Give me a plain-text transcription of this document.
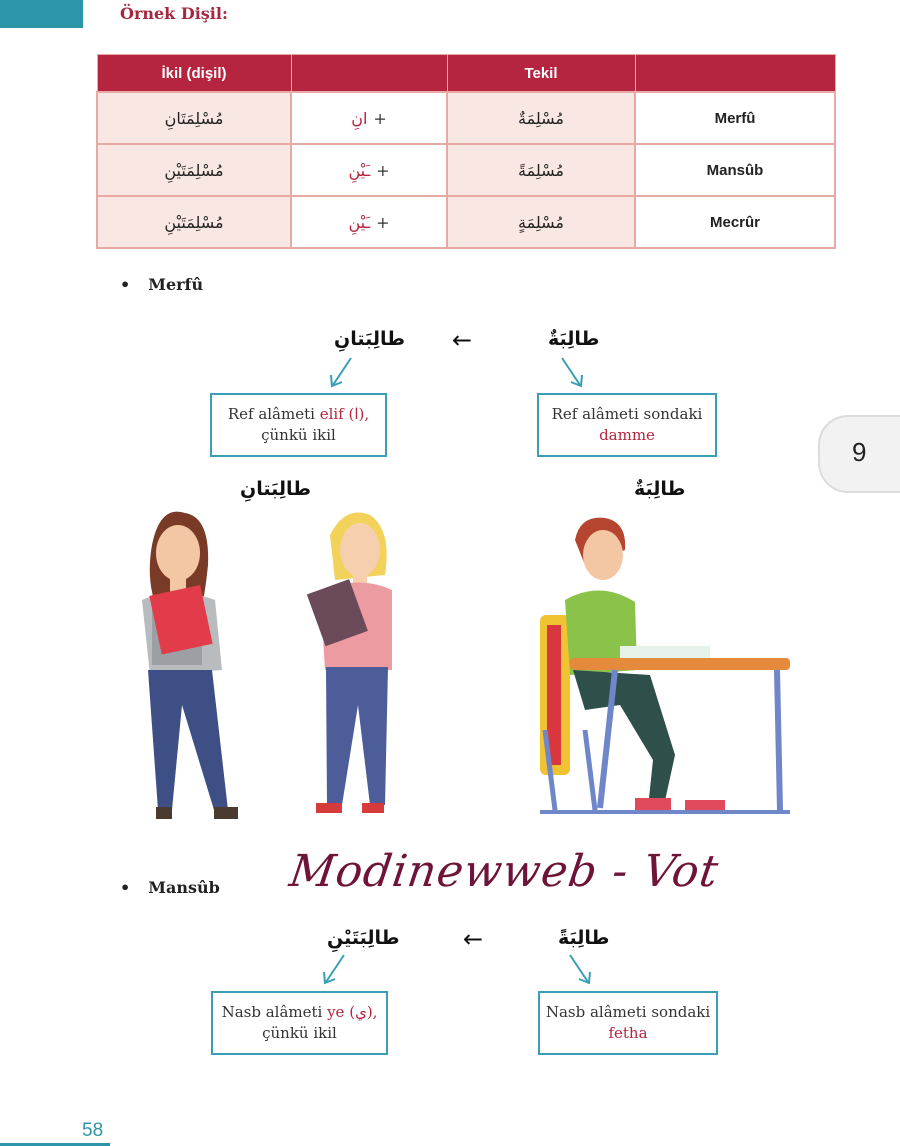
Örnek Dişil:
İkil (dişil)		Tekil	
مُسْلِمَتَانِ	انِ +	مُسْلِمَةٌ	Merfû
مُسْلِمَتَيْنِ	ـَيْنِ +	مُسْلِمَةً	Mansûb
مُسْلِمَتَيْنِ	ـَيْنِ +	مُسْلِمَةٍ	Mecrûr
• Merfû
طالِبَتانِ ←	طالِبَةٌ
Ref alâmeti elif (ا),
çünkü ikil
Ref alâmeti sondaki
damme
9
طالِبَتانِ	طالِبَةٌ
Modinewweb - Vot
• Mansûb
طالِبَتَيْنِ	←	طالِبَةً
Nasb alâmeti ye (ي),
çünkü ikil
Nasb alâmeti sondaki
fetha
58
